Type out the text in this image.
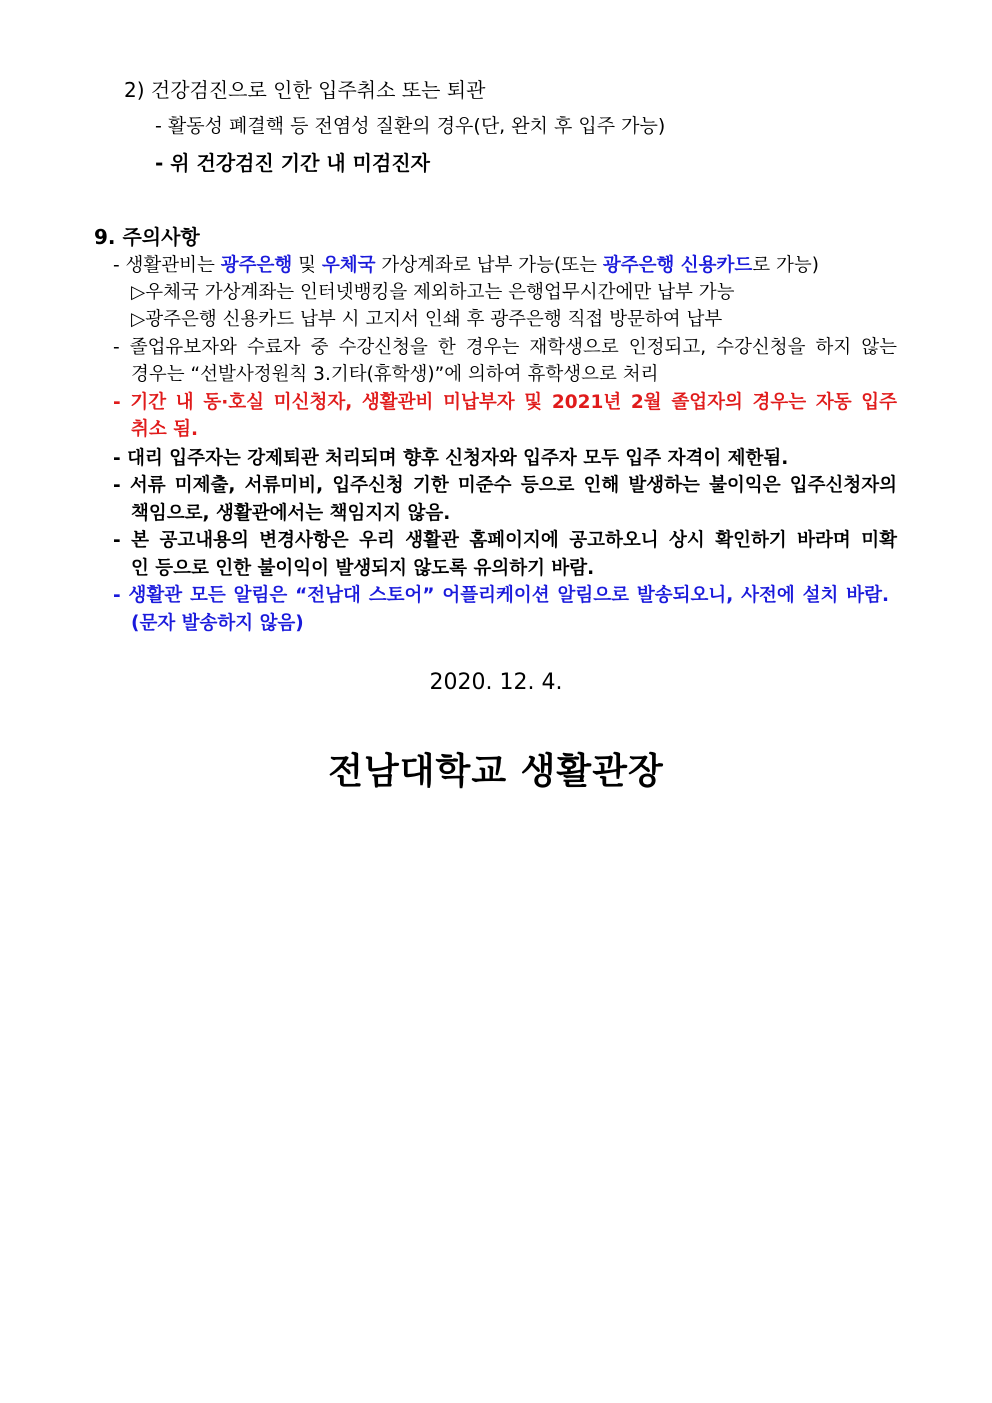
2) 건강검진으로 인한 입주취소 또는 퇴관
- 활동성 폐결핵 등 전염성 질환의 경우(단, 완치 후 입주 가능)
- 위 건강검진 기간 내 미검진자
9. 주의사항
- 생활관비는 광주은행 및 우체국 가상계좌로 납부 가능(또는 광주은행 신용카드로 가능)
▷우체국 가상계좌는 인터넷뱅킹을 제외하고는 은행업무시간에만 납부 가능
▷광주은행 신용카드 납부 시 고지서 인쇄 후 광주은행 직접 방문하여 납부
- 졸업유보자와 수료자 중 수강신청을 한 경우는 재학생으로 인정되고, 수강신청을 하지 않는
경우는 “선발사정원칙 3.기타(휴학생)”에 의하여 휴학생으로 처리
- 기간 내 동·호실 미신청자, 생활관비 미납부자 및 2021년 2월 졸업자의 경우는 자동 입주
취소 됨.
- 대리 입주자는 강제퇴관 처리되며 향후 신청자와 입주자 모두 입주 자격이 제한됨.
- 서류 미제출, 서류미비, 입주신청 기한 미준수 등으로 인해 발생하는 불이익은 입주신청자의
책임으로, 생활관에서는 책임지지 않음.
- 본 공고내용의 변경사항은 우리 생활관 홈페이지에 공고하오니 상시 확인하기 바라며 미확
인 등으로 인한 불이익이 발생되지 않도록 유의하기 바람.
- 생활관 모든 알림은 “전남대 스토어” 어플리케이션 알림으로 발송되오니, 사전에 설치 바람.
(문자 발송하지 않음)
2020. 12. 4.
전남대학교 생활관장
